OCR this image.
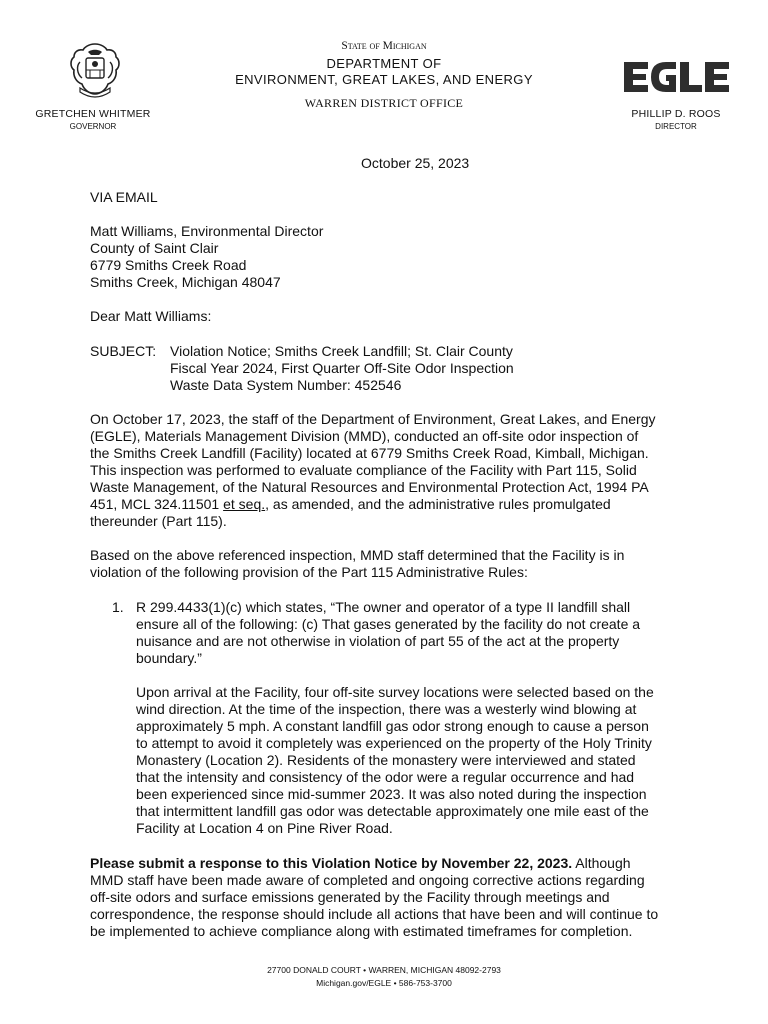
GRETCHEN WHITMER
GOVERNOR
State of Michigan
DEPARTMENT OF
ENVIRONMENT, GREAT LAKES, AND ENERGY
WARREN DISTRICT OFFICE
PHILLIP D. ROOS
DIRECTOR
October 25, 2023
VIA EMAIL

Matt Williams, Environmental Director

County of Saint Clair

6779 Smiths Creek Road

Smiths Creek, Michigan 48047

Dear Matt Williams:
SUBJECT: Violation Notice; Smiths Creek Landfill; St. Clair County

Fiscal Year 2024, First Quarter Off-Site Odor Inspection

Waste Data System Number: 452546

On October 17, 2023, the staff of the Department of Environment, Great Lakes, and Energy

(EGLE), Materials Management Division (MMD), conducted an off-site odor inspection of

the Smiths Creek Landfill (Facility) located at 6779 Smiths Creek Road, Kimball, Michigan.

This inspection was performed to evaluate compliance of the Facility with Part 115, Solid

Waste Management, of the Natural Resources and Environmental Protection Act, 1994 PA

451, MCL 324.11501 et seq., as amended, and the administrative rules promulgated

thereunder (Part 115).

Based on the above referenced inspection, MMD staff determined that the Facility is in

violation of the following provision of the Part 115 Administrative Rules:

1. R 299.4433(1)(c) which states, “The owner and operator of a type II landfill shall

ensure all of the following: (c) That gases generated by the facility do not create a

nuisance and are not otherwise in violation of part 55 of the act at the property

boundary.”

Upon arrival at the Facility, four off-site survey locations were selected based on the

wind direction. At the time of the inspection, there was a westerly wind blowing at

approximately 5 mph. A constant landfill gas odor strong enough to cause a person

to attempt to avoid it completely was experienced on the property of the Holy Trinity

Monastery (Location 2). Residents of the monastery were interviewed and stated

that the intensity and consistency of the odor were a regular occurrence and had

been experienced since mid-summer 2023. It was also noted during the inspection

that intermittent landfill gas odor was detectable approximately one mile east of the

Facility at Location 4 on Pine River Road.

Please submit a response to this Violation Notice by November 22, 2023. Although

MMD staff have been made aware of completed and ongoing corrective actions regarding

off-site odors and surface emissions generated by the Facility through meetings and

correspondence, the response should include all actions that have been and will continue to

be implemented to achieve compliance along with estimated timeframes for completion.

27700 DONALD COURT • WARREN, MICHIGAN 48092-2793
Michigan.gov/EGLE • 586-753-3700
